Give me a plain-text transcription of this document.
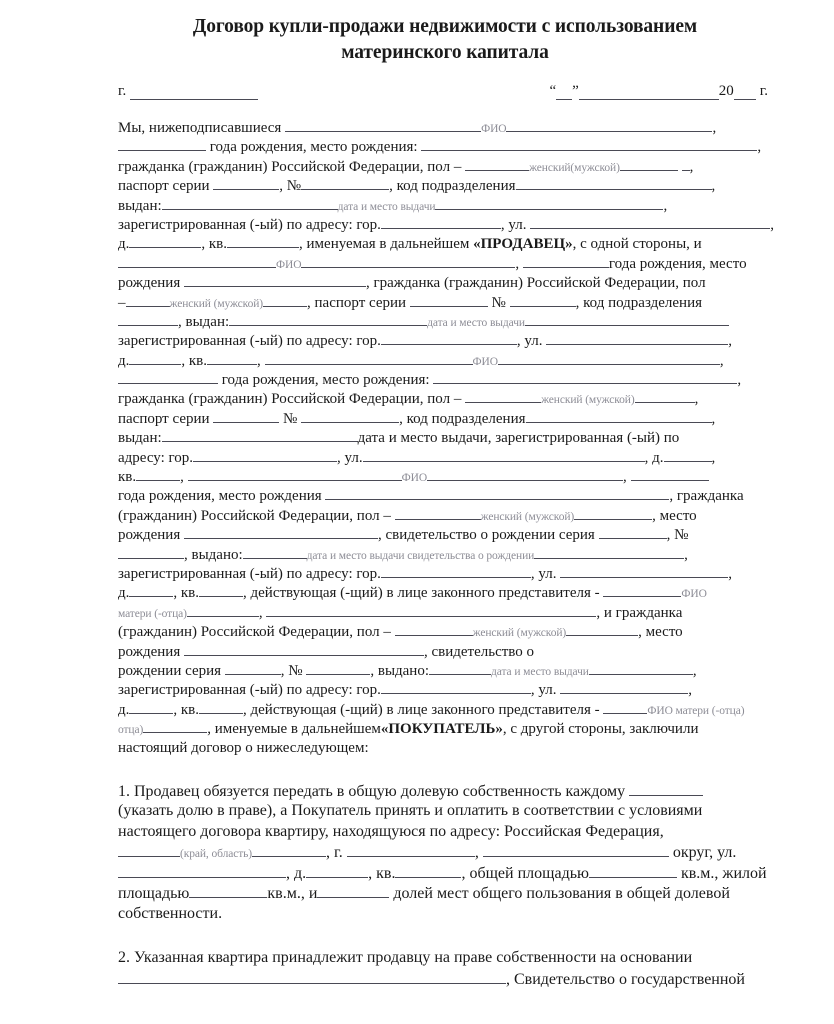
Договор купли-продажи недвижимости с использованием
материнского капитала
г.	“ ”	20 г.
Мы, нижеподписавшиеся	ФИО	,
года рождения, место рождения:	,
гражданка (гражданин) Российской Федерации, пол –	женский(мужской)	,
паспорт серии	, №	, код подразделения	,
выдан:	дата и место выдачи	,
зарегистрированная (-ый) по адресу: гор.	, ул.	,
д.	, кв.	, именуемая в дальнейшем «ПРОДАВЕЦ», с одной стороны, и
ФИО	,	года рождения, место
рождения	, гражданка (гражданин) Российской Федерации, пол
–	женский (мужской)	, паспорт серии	№	, код подразделения
, выдан:	дата и место выдачи
зарегистрированная (-ый) по адресу: гор.	, ул.	,
д.	, кв.	,	ФИО	,
года рождения, место рождения:	,
гражданка (гражданин) Российской Федерации, пол –	женский (мужской)	,
паспорт серии	№	, код подразделения	,
выдан:	дата и место выдачи, зарегистрированная (-ый) по
адресу: гор.	, ул.	, д.	,
кв.	,	ФИО	,
года рождения, место рождения	, гражданка
(гражданин) Российской Федерации, пол –	женский (мужской)	, место
рождения	, свидетельство о рождении серия	, №
, выдано:	дата и место выдачи свидетельства о рождении	,
зарегистрированная (-ый) по адресу: гор.	, ул.	,
д.	, кв.	, действующая (-щий) в лице законного представителя -	ФИО
матери (-отца)	,	, и гражданка
(гражданин) Российской Федерации, пол –	женский (мужской)	, место
рождения	, свидетельство о
рождении серия	, №	, выдано:	дата и место выдачи	,
зарегистрированная (-ый) по адресу: гор.	, ул.	,
д.	, кв.	, действующая (-щий) в лице законного представителя -	ФИО матери (-отца)
отца)	, именуемые в дальнейшем«ПОКУПАТЕЛЬ», с другой стороны, заключили
настоящий договор о нижеследующем:
1. Продавец обязуется передать в общую долевую собственность каждому
(указать долю в праве), а Покупатель принять и оплатить в соответствии с условиями
настоящего договора квартиру, находящуюся по адресу: Российская Федерация,
(край, область)	, г.	,	округ, ул.
, д.	, кв.	, общей площадью	кв.м., жилой
площадью	кв.м., и	долей мест общего пользования в общей долевой
собственности.
2. Указанная квартира принадлежит продавцу на праве собственности на основании
, Свидетельство о государственной
